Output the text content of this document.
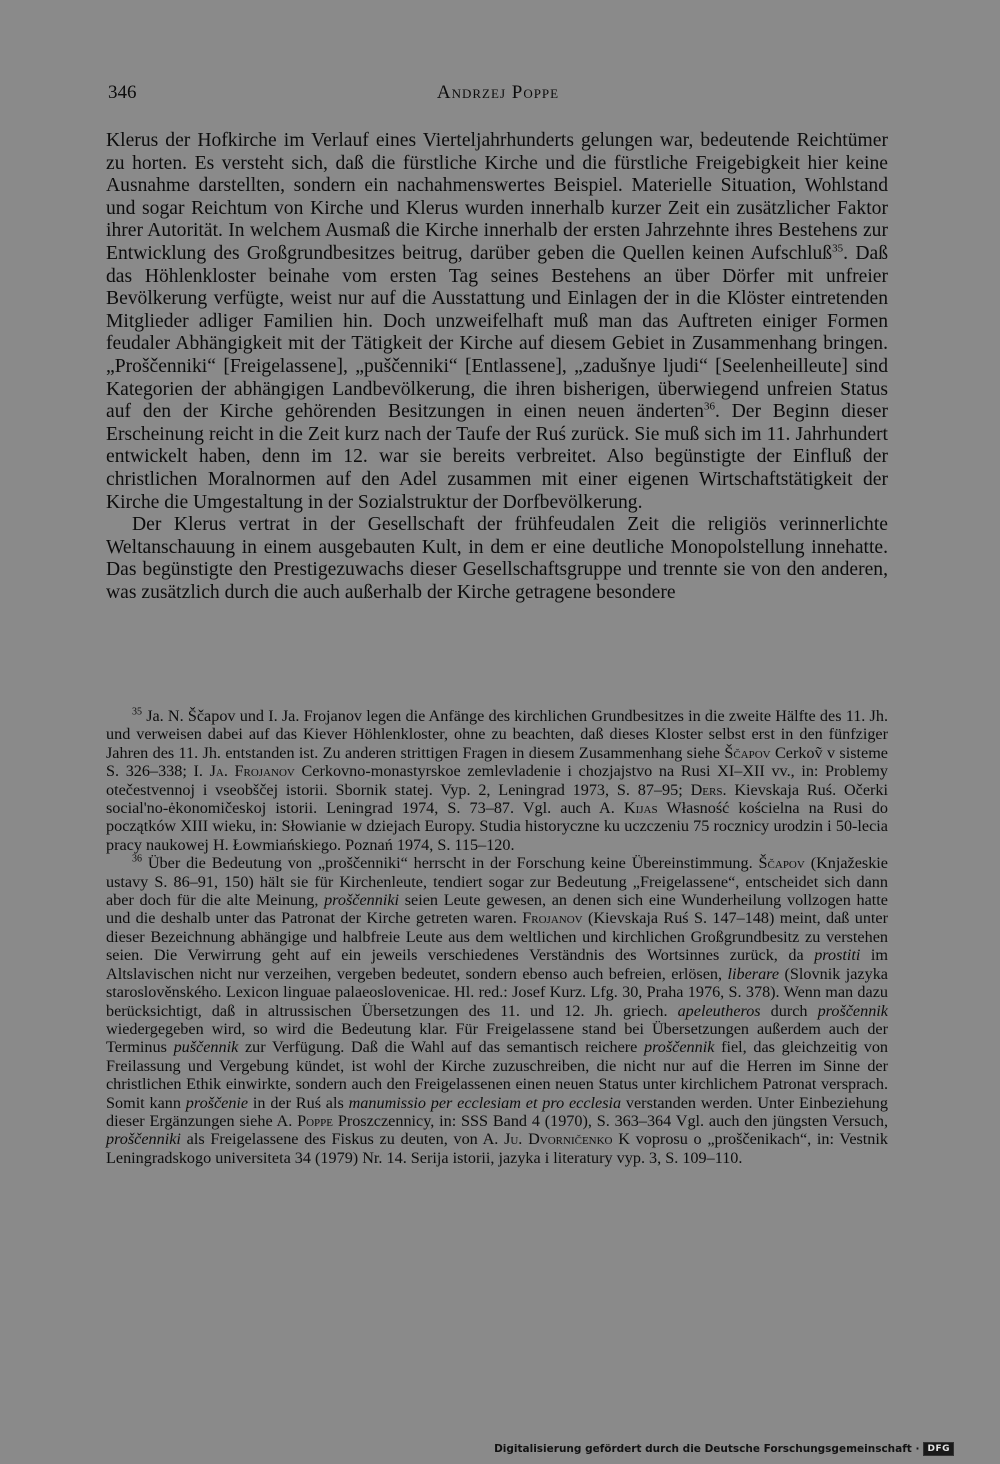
346	Andrzej Poppe

Klerus der Hofkirche im Verlauf eines Vierteljahrhunderts gelungen war, bedeutende Reichtümer zu horten. Es versteht sich, daß die fürstliche Kirche und die fürstliche Freigebigkeit hier keine Ausnahme darstellten, sondern ein nachahmenswertes Beispiel. Materielle Situation, Wohlstand und sogar Reichtum von Kirche und Klerus wurden innerhalb kurzer Zeit ein zusätzlicher Faktor ihrer Autorität. In welchem Ausmaß die Kirche innerhalb der ersten Jahrzehnte ihres Bestehens zur Entwicklung des Großgrundbesitzes beitrug, darüber geben die Quellen keinen Aufschluß$^{35}$. Daß das Höhlenkloster beinahe vom ersten Tag seines Bestehens an über Dörfer mit unfreier Bevölkerung verfügte, weist nur auf die Ausstattung und Einlagen der in die Klöster eintretenden Mitglieder adliger Familien hin. Doch unzweifelhaft muß man das Auftreten einiger Formen feudaler Abhängigkeit mit der Tätigkeit der Kirche auf diesem Gebiet in Zusammenhang bringen. „Proščenniki“ [Freigelassene], „puščenniki“ [Entlassene], „zadušnye ljudi“ [Seelenheilleute] sind Kategorien der abhängigen Landbevölkerung, die ihren bisherigen, überwiegend unfreien Status auf den der Kirche gehörenden Besitzungen in einen neuen änderten$^{36}$. Der Beginn dieser Erscheinung reicht in die Zeit kurz nach der Taufe der Ruś zurück. Sie muß sich im 11. Jahrhundert entwickelt haben, denn im 12. war sie bereits verbreitet. Also begünstigte der Einfluß der christlichen Moralnormen auf den Adel zusammen mit einer eigenen Wirtschaftstätigkeit der Kirche die Umgestaltung in der Sozialstruktur der Dorfbevölkerung.

Der Klerus vertrat in der Gesellschaft der frühfeudalen Zeit die religiös verinnerlichte Weltanschauung in einem ausgebauten Kult, in dem er eine deutliche Monopolstellung innehatte. Das begünstigte den Prestigezuwachs dieser Gesellschaftsgruppe und trennte sie von den anderen, was zusätzlich durch die auch außerhalb der Kirche getragene besondere

$^{35}$ Ja. N. Ščapov und I. Ja. Frojanov legen die Anfänge des kirchlichen Grundbesitzes in die zweite Hälfte des 11. Jh. und verweisen dabei auf das Kiever Höhlenkloster, ohne zu beachten, daß dieses Kloster selbst erst in den fünfziger Jahren des 11. Jh. entstanden ist. Zu anderen strittigen Fragen in diesem Zusammenhang siehe Ščapov Cerkoṽ v sisteme S. 326–338; I. Ja. Frojanov Cerkovno-monastyrskoe zemlevladenie i chozjajstvo na Rusi XI–XII vv., in: Problemy otečestvennoj i vseobščej istorii. Sbornik statej. Vyp. 2, Leningrad 1973, S. 87–95; Ders. Kievskaja Ruś. Očerki social'no-ėkonomičeskoj istorii. Leningrad 1974, S. 73–87. Vgl. auch A. Kijas Własność kościelna na Rusi do początków XIII wieku, in: Słowianie w dziejach Europy. Studia historyczne ku uczczeniu 75 rocznicy urodzin i 50-lecia pracy naukowej H. Łowmiańskiego. Poznań 1974, S. 115–120.

$^{36}$ Über die Bedeutung von „proščenniki“ herrscht in der Forschung keine Übereinstimmung. Ščapov (Knjažeskie ustavy S. 86–91, 150) hält sie für Kirchenleute, tendiert sogar zur Bedeutung „Freigelassene“, entscheidet sich dann aber doch für die alte Meinung, proščenniki seien Leute gewesen, an denen sich eine Wunderheilung vollzogen hatte und die deshalb unter das Patronat der Kirche getreten waren. Frojanov (Kievskaja Ruś S. 147–148) meint, daß unter dieser Bezeichnung abhängige und halbfreie Leute aus dem weltlichen und kirchlichen Großgrundbesitz zu verstehen seien. Die Verwirrung geht auf ein jeweils verschiedenes Verständnis des Wortsinnes zurück, da prostiti im Altslavischen nicht nur verzeihen, vergeben bedeutet, sondern ebenso auch befreien, erlösen, liberare (Slovnik jazyka staroslověnského. Lexicon linguae palaeoslovenicae. Hl. red.: Josef Kurz. Lfg. 30, Praha 1976, S. 378). Wenn man dazu berücksichtigt, daß in altrussischen Übersetzungen des 11. und 12. Jh. griech. apeleutheros durch proščennik wiedergegeben wird, so wird die Bedeutung klar. Für Freigelassene stand bei Übersetzungen außerdem auch der Terminus puščennik zur Verfügung. Daß die Wahl auf das semantisch reichere proščennik fiel, das gleichzeitig von Freilassung und Vergebung kündet, ist wohl der Kirche zuzuschreiben, die nicht nur auf die Herren im Sinne der christlichen Ethik einwirkte, sondern auch den Freigelassenen einen neuen Status unter kirchlichem Patronat versprach. Somit kann proščenie in der Ruś als manumissio per ecclesiam et pro ecclesia verstanden werden. Unter Einbeziehung dieser Ergänzungen siehe A. Poppe Proszczennicy, in: SSS Band 4 (1970), S. 363–364 Vgl. auch den jüngsten Versuch, proščenniki als Freigelassene des Fiskus zu deuten, von A. Ju. Dvorničenko K voprosu o „proščenikach“, in: Vestnik Leningradskogo universiteta 34 (1979) Nr. 14. Serija istorii, jazyka i literatury vyp. 3, S. 109–110.

Digitalisierung gefördert durch die Deutsche Forschungsgemeinschaft · DFG
